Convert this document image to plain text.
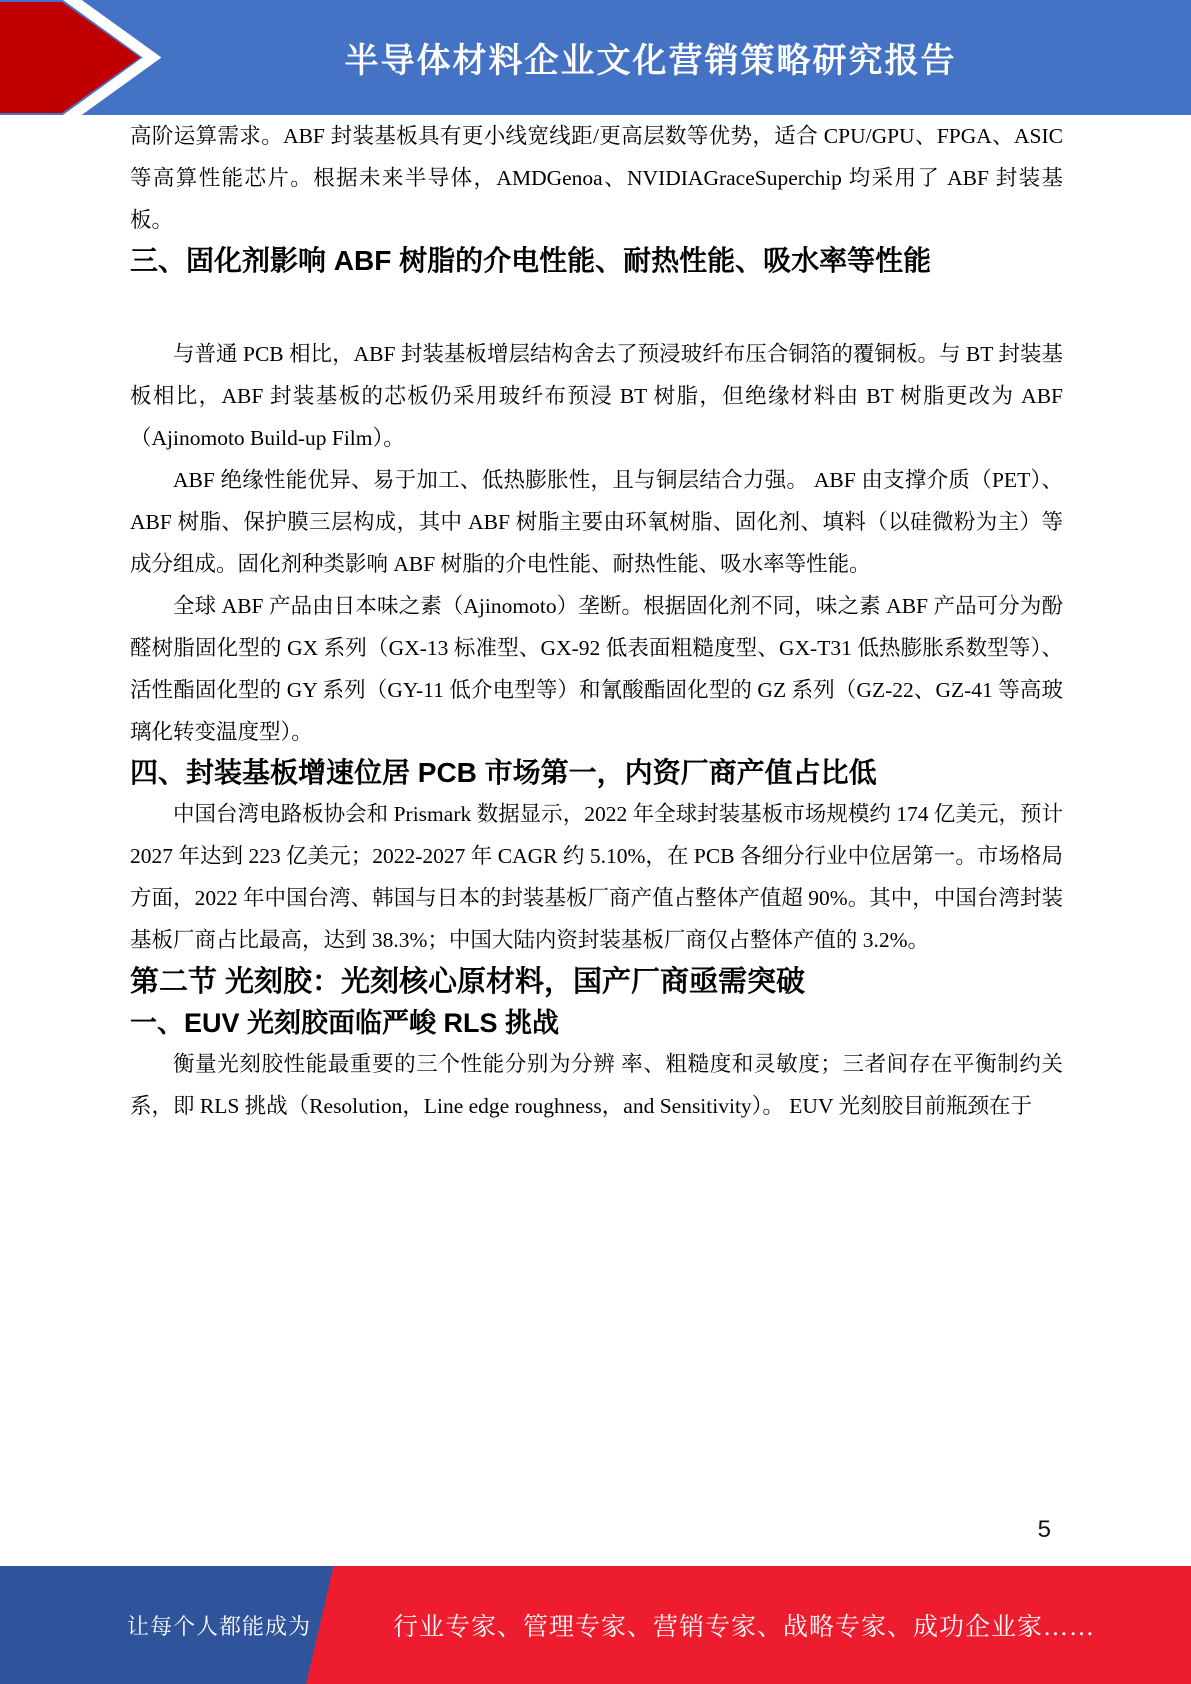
半导体材料企业文化营销策略研究报告

高阶运算需求。ABF 封装基板具有更小线宽线距/更高层数等优势，适合 CPU/GPU、FPGA、ASIC 等高算性能芯片。根据未来半导体，AMDGenoa、NVIDIAGraceSuperchip 均采用了 ABF 封装基板。

三、固化剂影响 ABF 树脂的介电性能、耐热性能、吸水率等性能

与普通 PCB 相比，ABF 封装基板增层结构舍去了预浸玻纤布压合铜箔的覆铜板。与 BT 封装基板相比，ABF 封装基板的芯板仍采用玻纤布预浸 BT 树脂，但绝缘材料由 BT 树脂更改为 ABF（Ajinomoto Build-up Film）。

ABF 绝缘性能优异、易于加工、低热膨胀性，且与铜层结合力强。 ABF 由支撑介质（PET）、ABF 树脂、保护膜三层构成，其中 ABF 树脂主要由环氧树脂、固化剂、填料（以硅微粉为主）等成分组成。固化剂种类影响 ABF 树脂的介电性能、耐热性能、吸水率等性能。

全球 ABF 产品由日本味之素（Ajinomoto）垄断。根据固化剂不同，味之素 ABF 产品可分为酚醛树脂固化型的 GX 系列（GX-13 标准型、GX-92 低表面粗糙度型、GX-T31 低热膨胀系数型等）、活性酯固化型的 GY 系列（GY-11 低介电型等）和氰酸酯固化型的 GZ 系列（GZ-22、GZ-41 等高玻璃化转变温度型）。

四、封装基板增速位居 PCB 市场第一，内资厂商产值占比低

中国台湾电路板协会和 Prismark 数据显示，2022 年全球封装基板市场规模约 174 亿美元，预计 2027 年达到 223 亿美元；2022-2027 年 CAGR 约 5.10%，在 PCB 各细分行业中位居第一。市场格局方面，2022 年中国台湾、韩国与日本的封装基板厂商产值占整体产值超 90%。其中，中国台湾封装基板厂商占比最高，达到 38.3%；中国大陆内资封装基板厂商仅占整体产值的 3.2%。

第二节 光刻胶：光刻核心原材料，国产厂商亟需突破

一、EUV 光刻胶面临严峻 RLS 挑战

衡量光刻胶性能最重要的三个性能分别为分辨 率、粗糙度和灵敏度；三者间存在平衡制约关系，即 RLS 挑战（Resolution，Line edge roughness，and Sensitivity）。 EUV 光刻胶目前瓶颈在于

5
让每个人都能成为	行业专家、管理专家、营销专家、战略专家、成功企业家……
